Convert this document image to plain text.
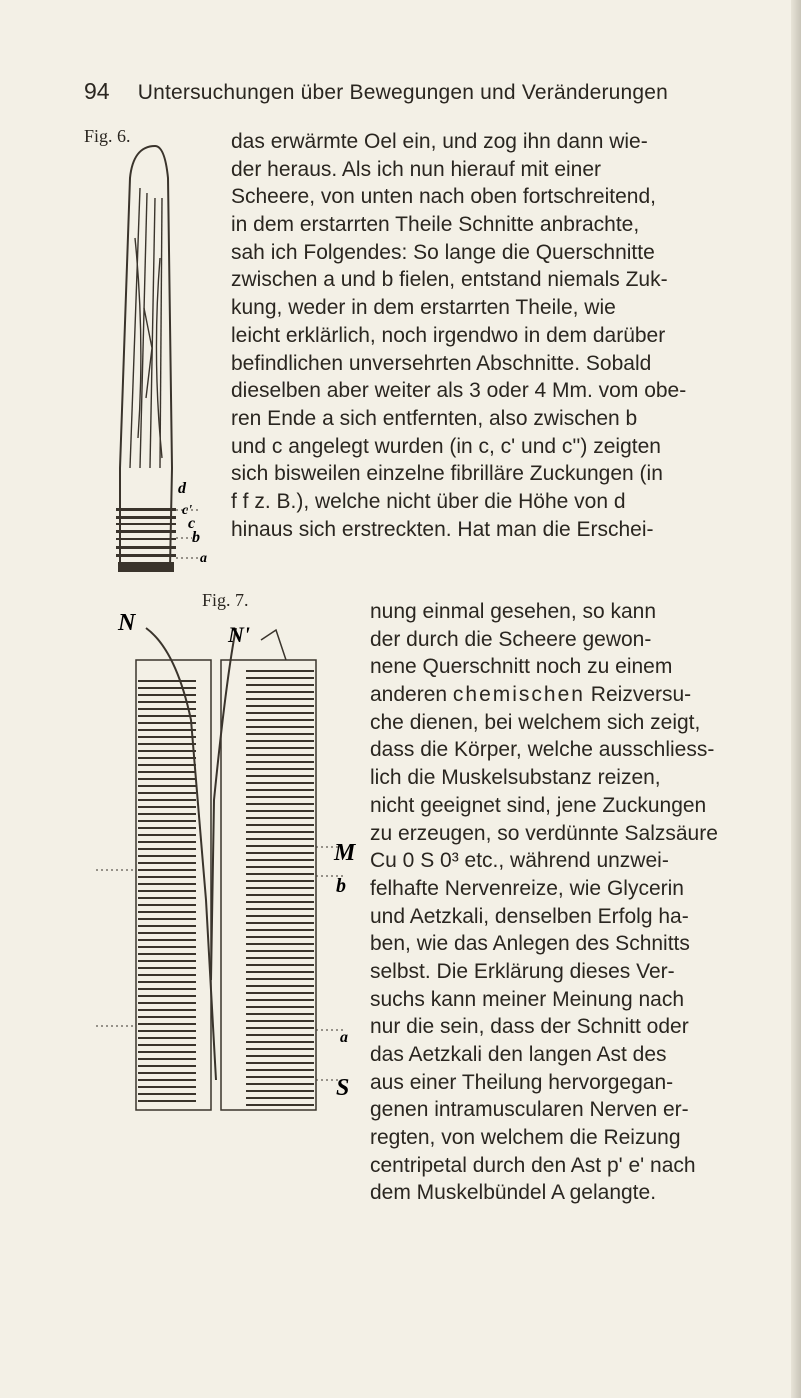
94 Untersuchungen über Bewegungen und Veränderungen
Fig. 6.
d
c'
c
b
a
Fig. 7.
N	N'
M
b
a
S
das erwärmte Oel ein, und zog ihn dann wie-
der heraus. Als ich nun hierauf mit einer
Scheere, von unten nach oben fortschreitend,
in dem erstarrten Theile Schnitte anbrachte,
sah ich Folgendes: So lange die Querschnitte
zwischen a und b fielen, entstand niemals Zuk-
kung, weder in dem erstarrten Theile, wie
leicht erklärlich, noch irgendwo in dem darüber
befindlichen unversehrten Abschnitte. Sobald
dieselben aber weiter als 3 oder 4 Mm. vom obe-
ren Ende a sich entfernten, also zwischen b
und c angelegt wurden (in c, c' und c'') zeigten
sich bisweilen einzelne fibrilläre Zuckungen (in
f f z. B.), welche nicht über die Höhe von d
hinaus sich erstreckten. Hat man die Erschei-
nung einmal gesehen, so kann
der durch die Scheere gewon-
nene Querschnitt noch zu einem
anderen chemischen Reizversu-
che dienen, bei welchem sich zeigt,
dass die Körper, welche ausschliess-
lich die Muskelsubstanz reizen,
nicht geeignet sind, jene Zuckungen
zu erzeugen, so verdünnte Salzsäure
Cu 0 S 0³ etc., während unzwei-
felhafte Nervenreize, wie Glycerin
und Aetzkali, denselben Erfolg ha-
ben, wie das Anlegen des Schnitts
selbst. Die Erklärung dieses Ver-
suchs kann meiner Meinung nach
nur die sein, dass der Schnitt oder
das Aetzkali den langen Ast des
aus einer Theilung hervorgegan-
genen intramuscularen Nerven er-
regten, von welchem die Reizung
centripetal durch den Ast p' e' nach
dem Muskelbündel A gelangte.
